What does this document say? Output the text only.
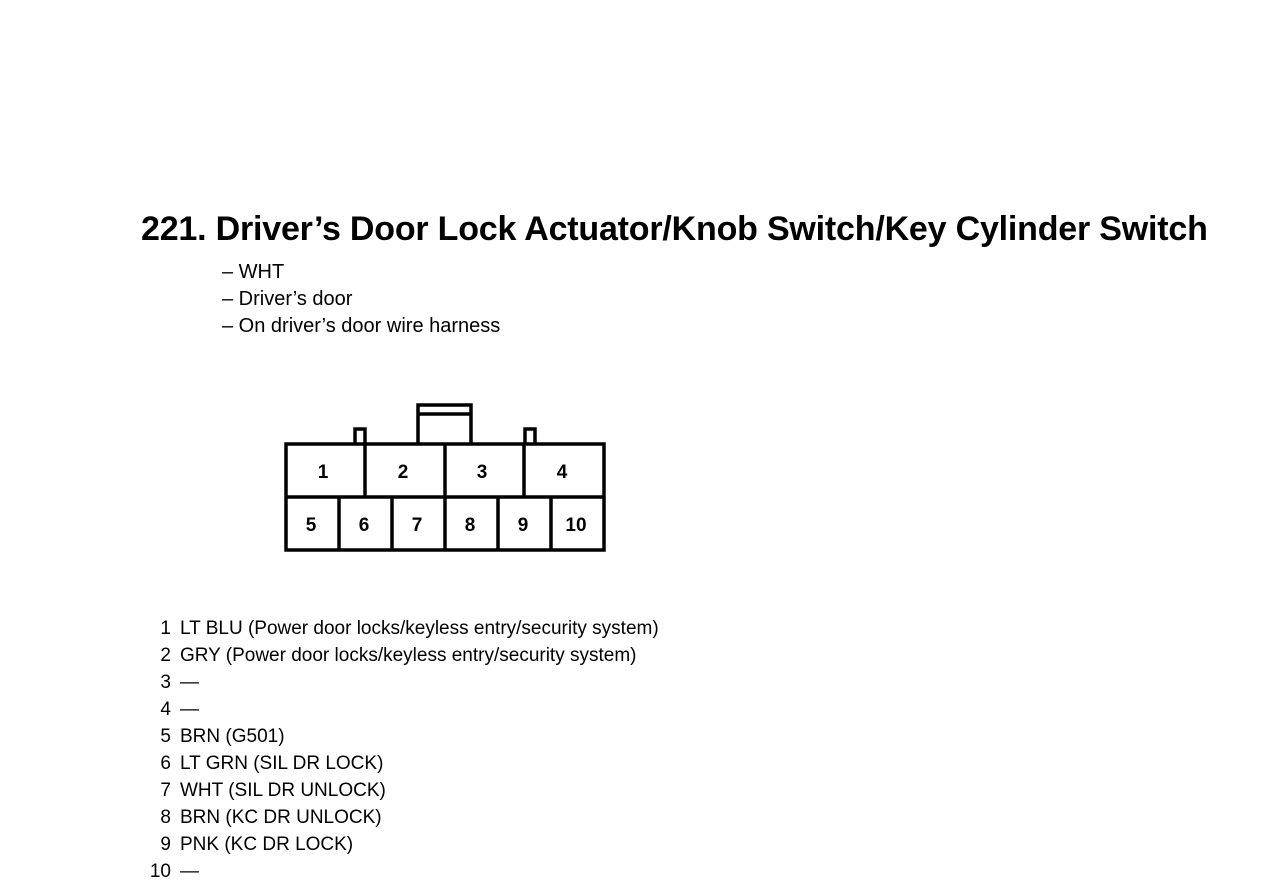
221. Driver’s Door Lock Actuator/Knob Switch/Key Cylinder Switch
– WHT
– Driver’s door
– On driver’s door wire harness
1	2	3	4
5 6 7 8 9 10
1 LT BLU (Power door locks/keyless entry/security system)
2 GRY (Power door locks/keyless entry/security system)
3 —
4 —
5 BRN (G501)
6 LT GRN (SIL DR LOCK)
7 WHT (SIL DR UNLOCK)
8 BRN (KC DR UNLOCK)
9 PNK (KC DR LOCK)
10 —
